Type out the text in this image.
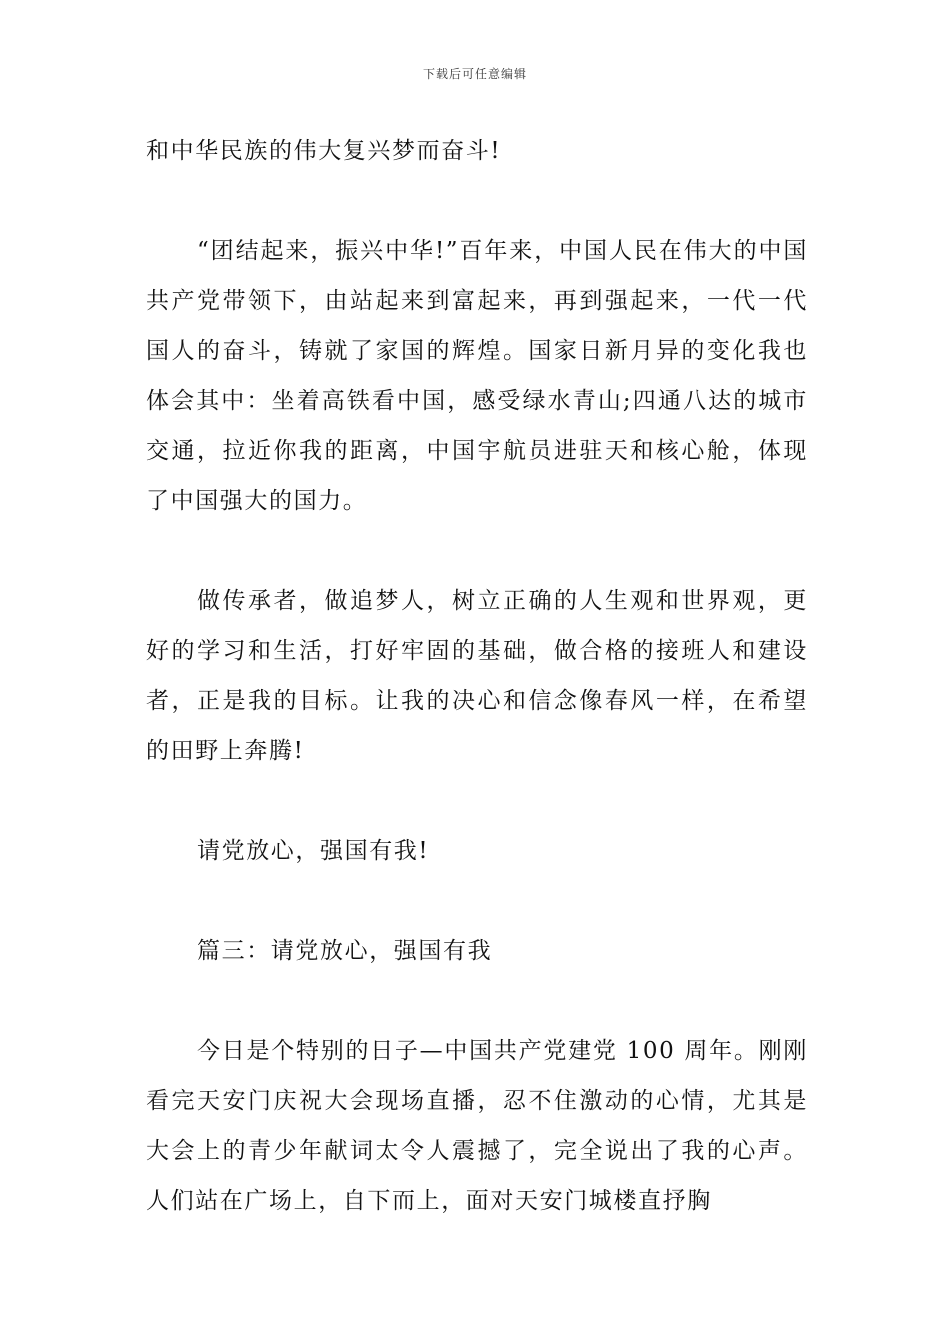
下载后可任意编辑

和中华民族的伟大复兴梦而奋斗!

“团结起来，振兴中华!”百年来，中国人民在伟大的中国共产党带领下，由站起来到富起来，再到强起来，一代一代国人的奋斗，铸就了家国的辉煌。国家日新月异的变化我也体会其中：坐着高铁看中国，感受绿水青山;四通八达的城市交通，拉近你我的距离，中国宇航员进驻天和核心舱，体现了中国强大的国力。

做传承者，做追梦人，树立正确的人生观和世界观，更好的学习和生活，打好牢固的基础，做合格的接班人和建设者，正是我的目标。让我的决心和信念像春风一样，在希望的田野上奔腾!

请党放心，强国有我!

篇三：请党放心，强国有我

今日是个特别的日子—中国共产党建党 100 周年。刚刚看完天安门庆祝大会现场直播，忍不住激动的心情，尤其是大会上的青少年献词太令人震撼了，完全说出了我的心声。人们站在广场上，自下而上，面对天安门城楼直抒胸
